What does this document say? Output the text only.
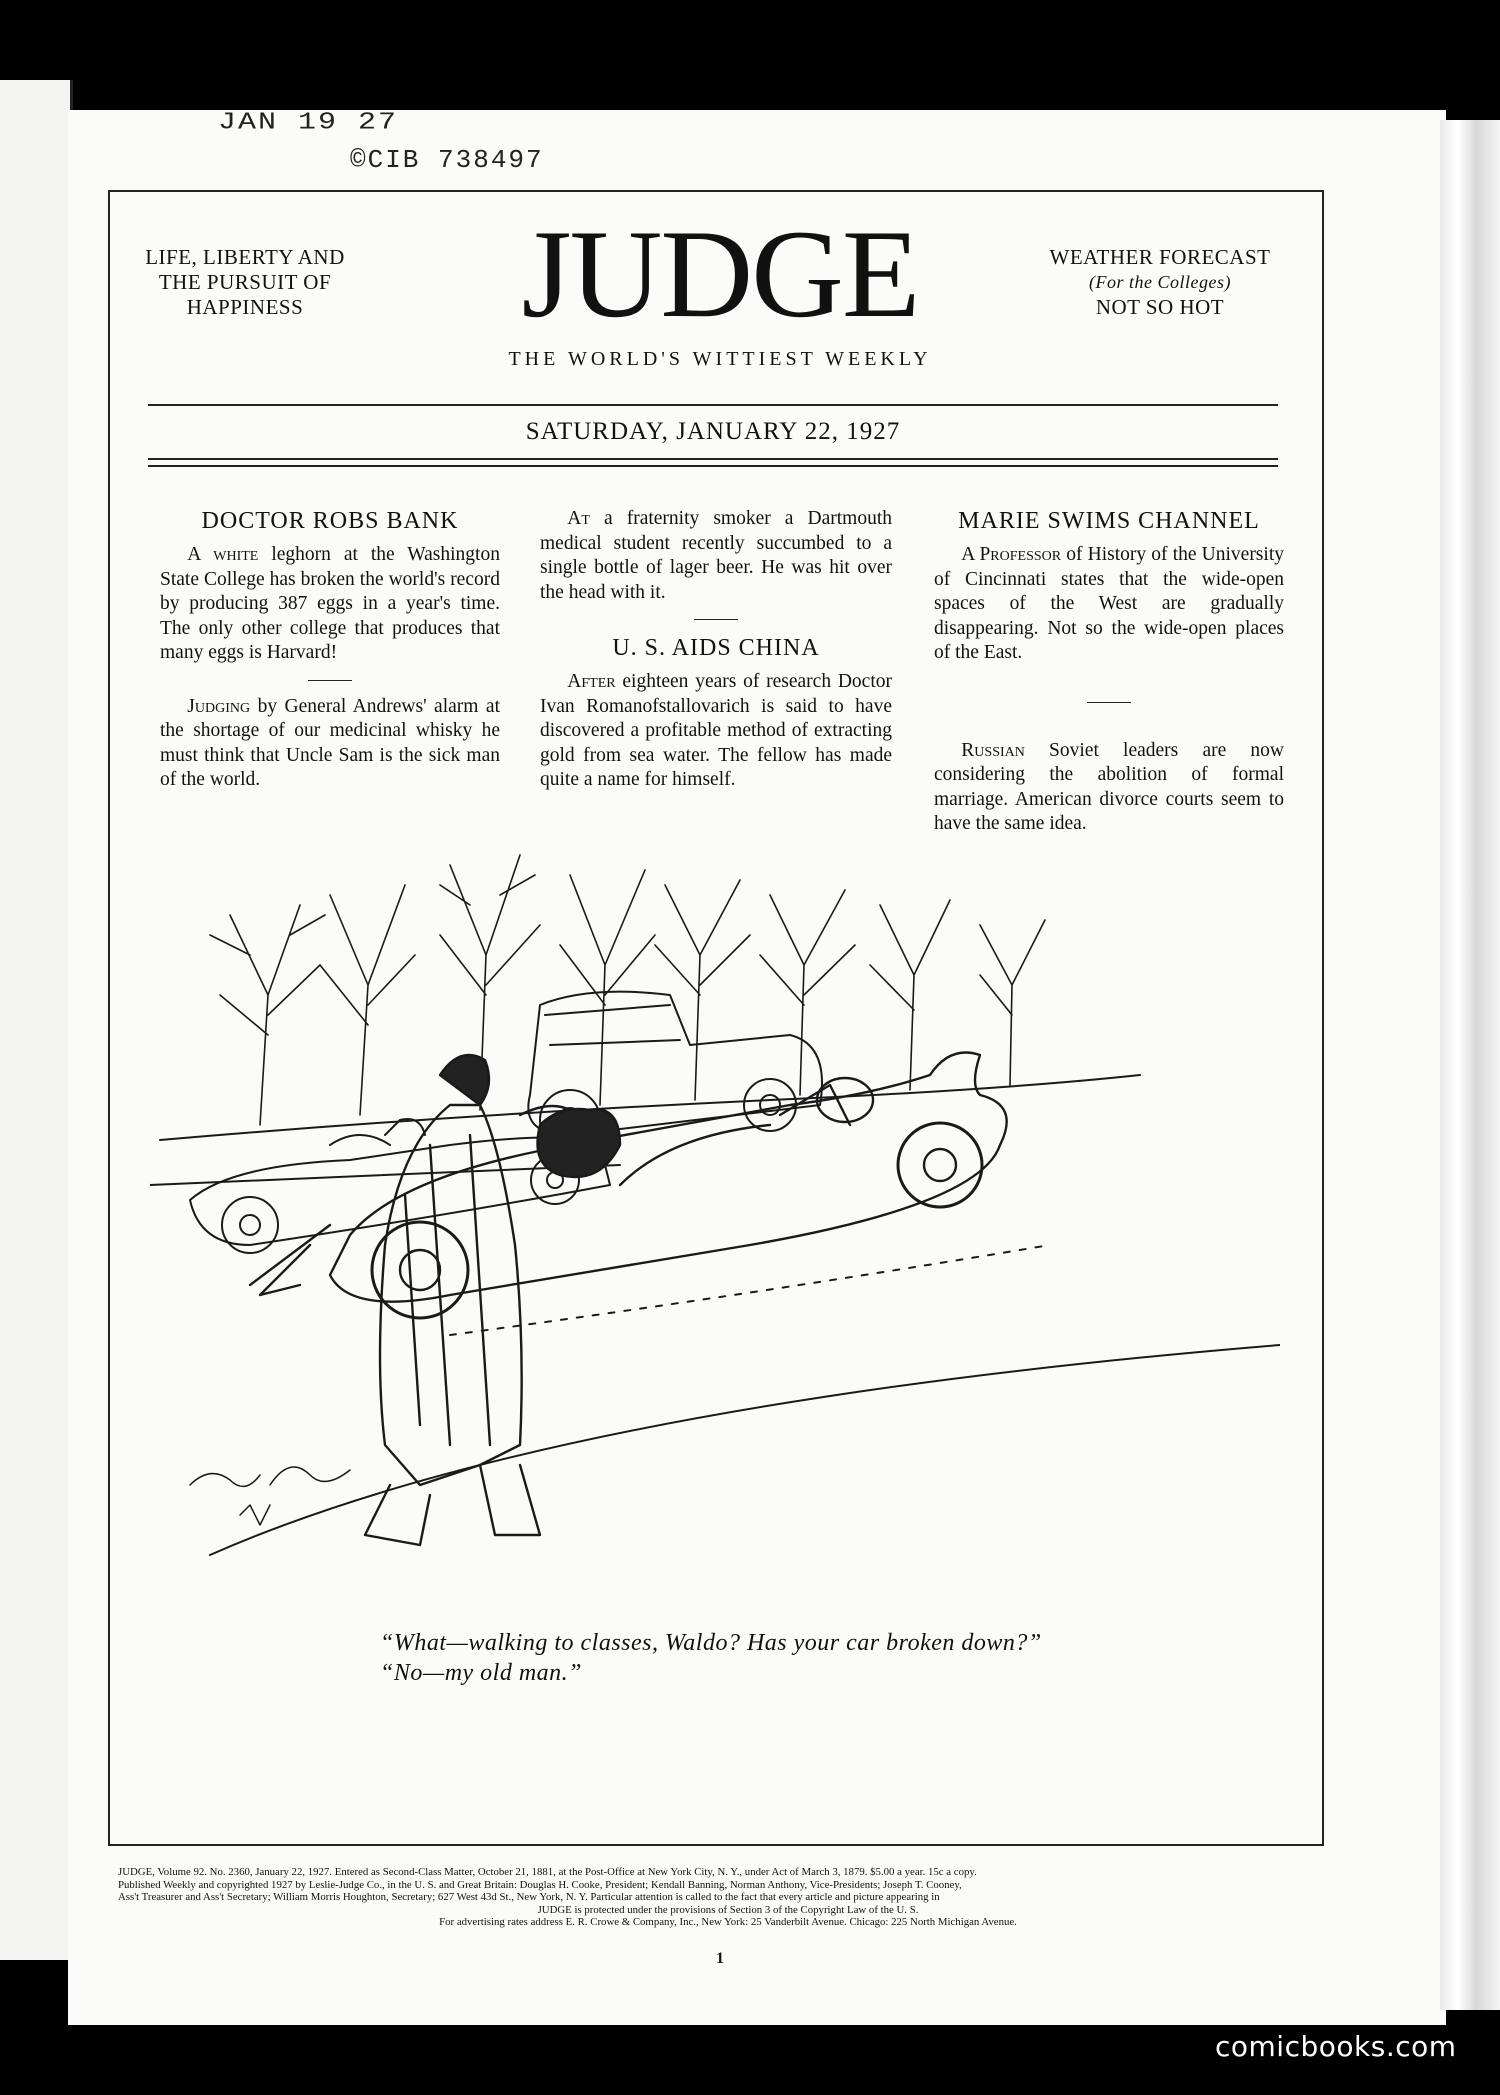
JAN 19 27
©CIB 738497
LIFE, LIBERTY AND
THE PURSUIT OF
HAPPINESS	JUDGE
THE WORLD'S WITTIEST WEEKLY
WEATHER FORECAST
(For the Colleges)
NOT SO HOT
SATURDAY, JANUARY 22, 1927
DOCTOR ROBS BANK

A white leghorn at the Washington State College has broken the world's record by producing 387 eggs in a year's time. The only other college that produces that many eggs is Harvard!

Judging by General Andrews' alarm at the shortage of our medicinal whisky he must think that Uncle Sam is the sick man of the world.

At a fraternity smoker a Dartmouth medical student recently succumbed to a single bottle of lager beer. He was hit over the head with it.

U. S. AIDS CHINA

After eighteen years of research Doctor Ivan Romanofstallovarich is said to have discovered a profitable method of extracting gold from sea water. The fellow has made quite a name for himself.

MARIE SWIMS CHANNEL

A Professor of History of the University of Cincinnati states that the wide-open spaces of the West are gradually disappearing. Not so the wide-open places of the East.

Russian Soviet leaders are now considering the abolition of formal marriage. American divorce courts seem to have the same idea.

“What—walking to classes, Waldo? Has your car broken down?”
“No—my old man.”
JUDGE, Volume 92. No. 2360, January 22, 1927. Entered as Second-Class Matter, October 21, 1881, at the Post-Office at New York City, N. Y., under Act of March 3, 1879. $5.00 a year. 15c a copy.
Published Weekly and copyrighted 1927 by Leslie-Judge Co., in the U. S. and Great Britain: Douglas H. Cooke, President; Kendall Banning, Norman Anthony, Vice-Presidents; Joseph T. Cooney,
Ass't Treasurer and Ass't Secretary; William Morris Houghton, Secretary; 627 West 43d St., New York, N. Y. Particular attention is called to the fact that every article and picture appearing in
JUDGE is protected under the provisions of Section 3 of the Copyright Law of the U. S.
For advertising rates address E. R. Crowe & Company, Inc., New York: 25 Vanderbilt Avenue. Chicago: 225 North Michigan Avenue.
1
comicbooks.com
